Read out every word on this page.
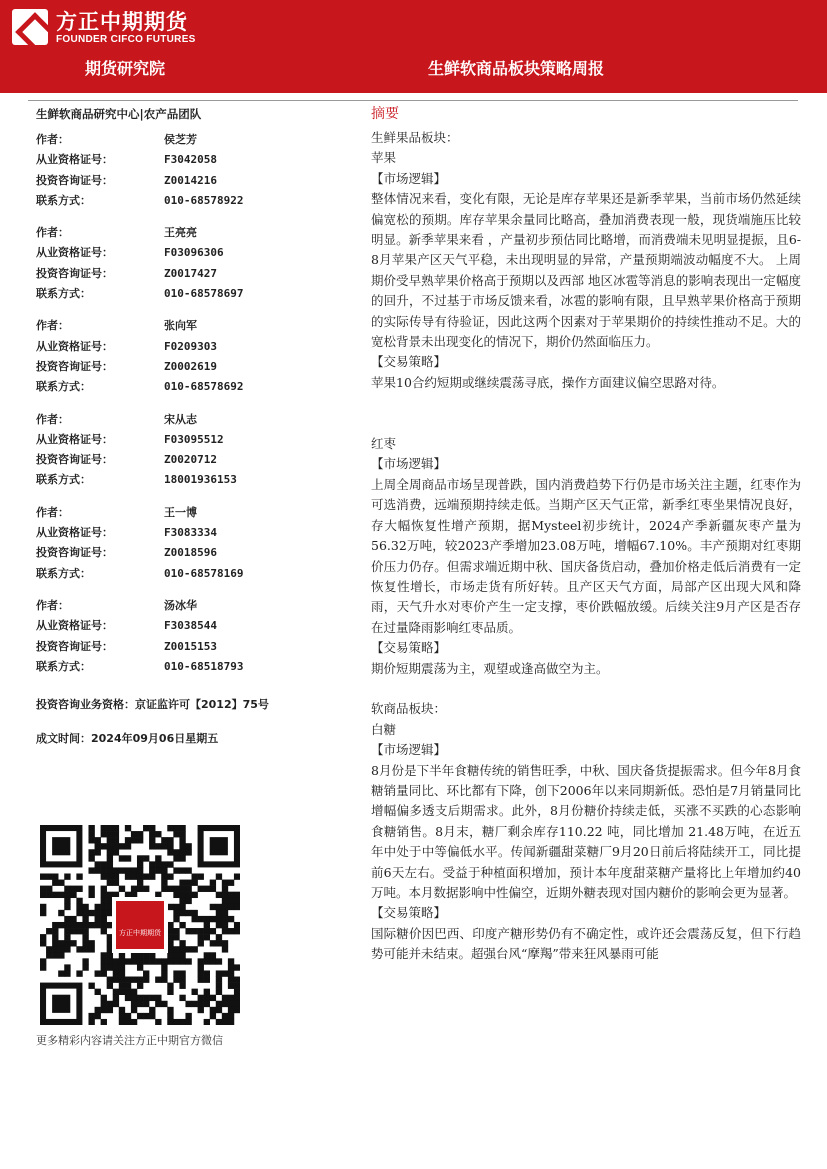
方正中期期货
FOUNDER CIFCO FUTURES
期货研究院	生鲜软商品板块策略周报
生鲜软商品研究中心|农产品团队
作者：	侯芝芳
从业资格证号：	F3042058
投资咨询证号：	Z0014216
联系方式：	010-68578922
作者：	王亮亮
从业资格证号：	F03096306
投资咨询证号：	Z0017427
联系方式：	010-68578697
作者：	张向军
从业资格证号：	F0209303
投资咨询证号：	Z0002619
联系方式：	010-68578692
作者：	宋从志
从业资格证号：	F03095512
投资咨询证号：	Z0020712
联系方式：	18001936153
作者：	王一博
从业资格证号：	F3083334
投资咨询证号：	Z0018596
联系方式：	010-68578169
作者：	汤冰华
从业资格证号：	F3038544
投资咨询证号：	Z0015153
联系方式：	010-68518793
投资咨询业务资格：京证监许可【2012】75号
成文时间：2024年09月06日星期五
方正中期期货
更多精彩内容请关注方正中期官方微信
摘要

生鲜果品板块：

苹果

【市场逻辑】

整体情况来看，变化有限，无论是库存苹果还是新季苹果，当前市场仍然延续偏宽松的预期。库存苹果余量同比略高，叠加消费表现一般，现货端施压比较明显。新季苹果来看 ，产量初步预估同比略增，而消费端未见明显提振，且6-8月苹果产区天气平稳，未出现明显的异常，产量预期端波动幅度不大。 上周期价受早熟苹果价格高于预期以及西部 地区冰雹等消息的影响表现出一定幅度的回升，不过基于市场反馈来看，冰雹的影响有限，且早熟苹果价格高于预期的实际传导有待验证，因此这两个因素对于苹果期价的持续性推动不足。大的宽松背景未出现变化的情况下，期价仍然面临压力。

【交易策略】

苹果10合约短期或继续震荡寻底，操作方面建议偏空思路对待。

红枣

【市场逻辑】

上周全周商品市场呈现普跌，国内消费趋势下行仍是市场关注主题，红枣作为可选消费，远端预期持续走低。当期产区天气正常，新季红枣坐果情况良好，存大幅恢复性增产预期，据Mysteel初步统计，2024产季新疆灰枣产量为56.32万吨，较2023产季增加23.08万吨，增幅67.10%。丰产预期对红枣期价压力仍存。但需求端近期中秋、国庆备货启动，叠加价格走低后消费有一定恢复性增长，市场走货有所好转。且产区天气方面，局部产区出现大风和降雨，天气升水对枣价产生一定支撑，枣价跌幅放缓。后续关注9月产区是否存在过量降雨影响红枣品质。

【交易策略】

期价短期震荡为主，观望或逢高做空为主。

软商品板块：

白糖

【市场逻辑】

8月份是下半年食糖传统的销售旺季，中秋、国庆备货提振需求。但今年8月食糖销量同比、环比都有下降，创下2006年以来同期新低。恐怕是7月销量同比增幅偏多透支后期需求。此外，8月份糖价持续走低，买涨不买跌的心态影响食糖销售。8月末，糖厂剩余库存110.22 吨，同比增加 21.48万吨，在近五年中处于中等偏低水平。传闻新疆甜菜糖厂9月20日前后将陆续开工，同比提前6天左右。受益于种植面积增加，预计本年度甜菜糖产量将比上年增加约40万吨。本月数据影响中性偏空，近期外糖表现对国内糖价的影响会更为显著。

【交易策略】

国际糖价因巴西、印度产糖形势仍有不确定性，或许还会震荡反复，但下行趋势可能并未结束。超强台风“摩羯”带来狂风暴雨可能
